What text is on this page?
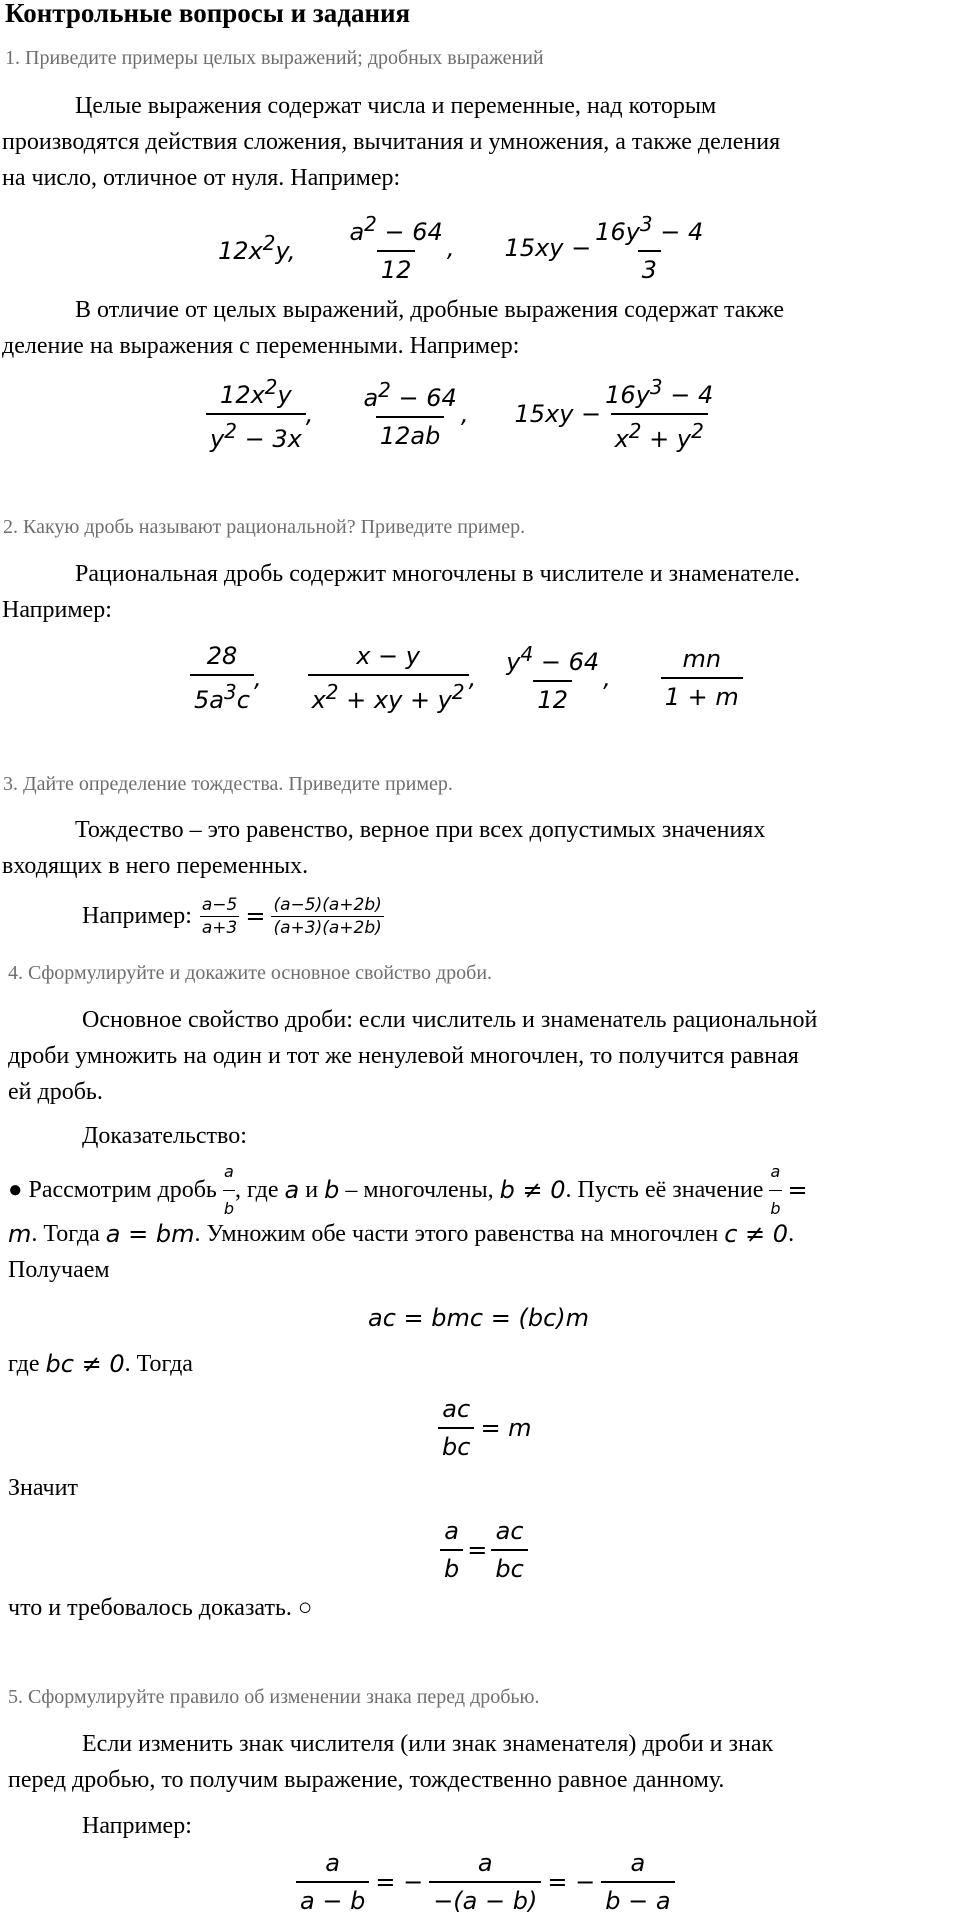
Контрольные вопросы и задания
1. Приведите примеры целых выражений; дробных выражений
Целые выражения содержат числа и переменные, над которым
производятся действия сложения, вычитания и умножения, а также деления
на число, отличное от нуля. Например:
$12x^2y$, $\frac{a^2 - 64}{12}$ , $15xy - \frac{16y^3 - 4}{3}$
В отличие от целых выражений, дробные выражения содержат также
деление на выражения с переменными. Например:
$\frac{12x^2y}{y^2 - 3x}$ , $\frac{a^2 - 64}{12ab}$ , $15xy - \frac{16y^3 - 4}{x^2 + y^2}$
2. Какую дробь называют рациональной? Приведите пример.
Рациональная дробь содержит многочлены в числителе и знаменателе.
Например:
$\frac{28}{5a^3c}$ , $\frac{x - y}{x^2 + xy + y^2}$ , $\frac{y^4 - 64}{12}$ , $\frac{mn}{1 + m}$
3. Дайте определение тождества. Приведите пример.
Тождество – это равенство, верное при всех допустимых значениях
входящих в него переменных.
Например: $\frac{a-5}{a+3} = \frac{(a-5)(a+2b)}{(a+3)(a+2b)}$
4. Сформулируйте и докажите основное свойство дроби.
Основное свойство дроби: если числитель и знаменатель рациональной
дроби умножить на один и тот же ненулевой многочлен, то получится равная
ей дробь.
Доказательство:
●
Рассмотрим дробь
$\frac{a}{b}$ , где
a
и
b
– многочлены,
b ≠ 0 . Пусть её значение
$\frac{a}{b}$
=
m . Тогда
a = bm . Умножим обе части этого равенства на многочлен
c ≠ 0 .
Получаем
ac = bmc = (bc)m
где
bc ≠ 0 . Тогда
$\frac{ac}{bc} = m$
Значит
$\frac{a}{b} = \frac{ac}{bc}$
что и требовалось доказать. ○
5. Сформулируйте правило об изменении знака перед дробью.
Если изменить знак числителя (или знак знаменателя) дроби и знак
перед дробью, то получим выражение, тождественно равное данному.
Например:
$\frac{a}{a - b}$ = − $\frac{a}{-(a - b)}$ = − $\frac{a}{b - a}$
